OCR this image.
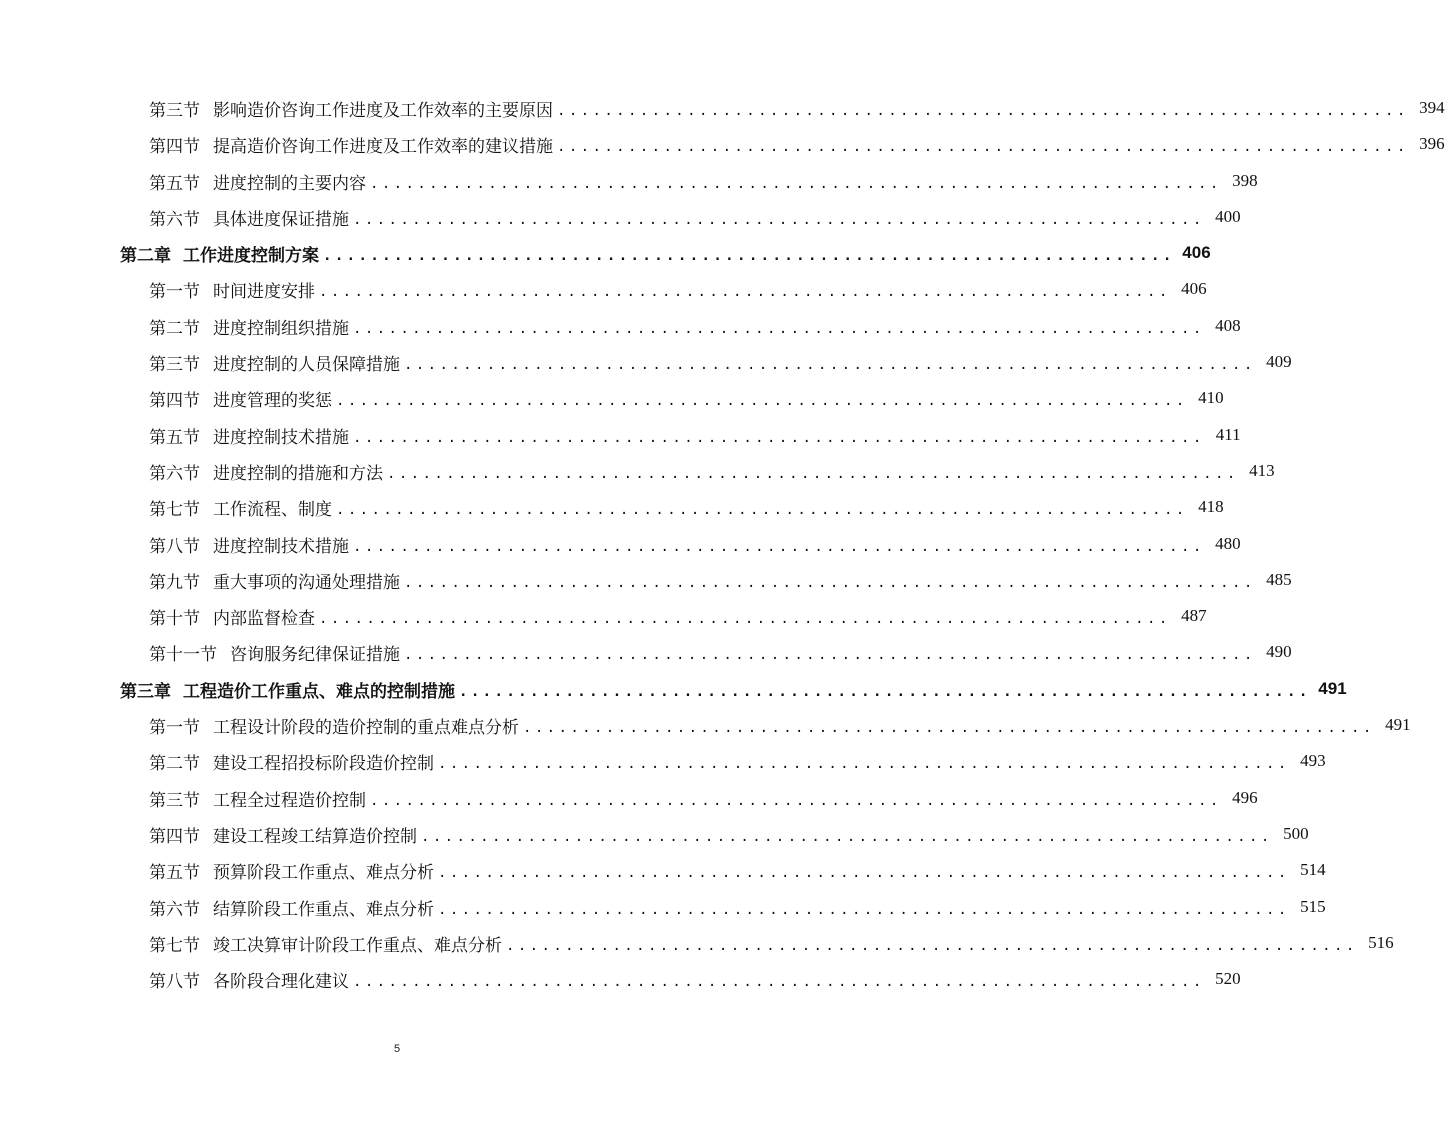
第三节 影响造价咨询工作进度及工作效率的主要原因 ........................................................................ 394
第四节 提高造价咨询工作进度及工作效率的建议措施 ........................................................................ 396
第五节 进度控制的主要内容 ........................................................................ 398
第六节 具体进度保证措施 ........................................................................ 400
第二章 工作进度控制方案 ........................................................................ 406
第一节 时间进度安排 ........................................................................ 406
第二节 进度控制组织措施 ........................................................................ 408
第三节 进度控制的人员保障措施 ........................................................................ 409
第四节 进度管理的奖惩 ........................................................................ 410
第五节 进度控制技术措施 ........................................................................ 411
第六节 进度控制的措施和方法 ........................................................................ 413
第七节 工作流程、制度 ........................................................................ 418
第八节 进度控制技术措施 ........................................................................ 480
第九节 重大事项的沟通处理措施 ........................................................................ 485
第十节 内部监督检查 ........................................................................ 487
第十一节 咨询服务纪律保证措施 ........................................................................ 490
第三章 工程造价工作重点、难点的控制措施 ........................................................................ 491
第一节 工程设计阶段的造价控制的重点难点分析 ........................................................................ 491
第二节 建设工程招投标阶段造价控制 ........................................................................ 493
第三节 工程全过程造价控制 ........................................................................ 496
第四节 建设工程竣工结算造价控制 ........................................................................ 500
第五节 预算阶段工作重点、难点分析 ........................................................................ 514
第六节 结算阶段工作重点、难点分析 ........................................................................ 515
第七节 竣工决算审计阶段工作重点、难点分析 ........................................................................ 516
第八节 各阶段合理化建议 ........................................................................ 520
5
